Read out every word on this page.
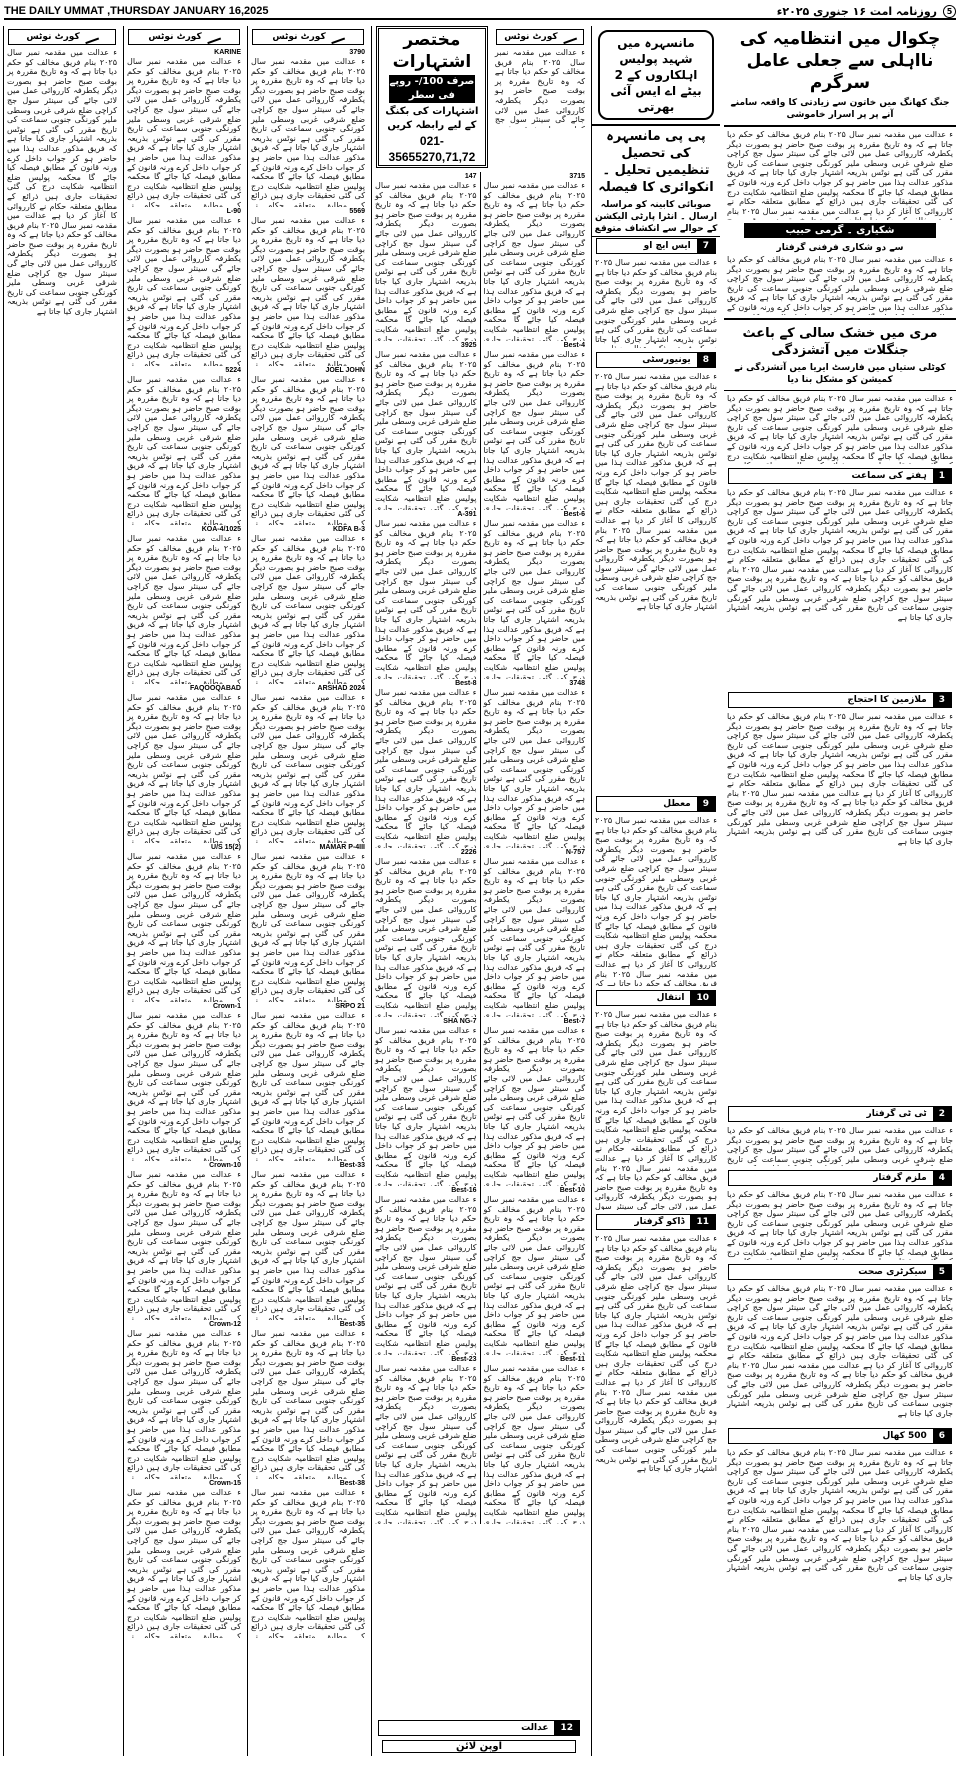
THE DAILY UMMAT ,THURSDAY JANUARY 16,2025	5
روزنامہ امت ۱۶ جنوری ۲۰۲۵ء
چکوال میں انتظامیہ کی نااہلی سے جعلی عامل سرگرم
جنگ کھانگ میں خاتون سے زیادتی کا واقعہ سامنے آنے پر پر اسرار خاموشی
ء عدالت میں مقدمہ نمبر سال ۲۰۲۵ بنام فریق مخالف کو حکم دیا جاتا ہے کہ وہ تاریخ مقررہ پر بوقت صبح حاضر ہو بصورت دیگر یکطرفہ کارروائی عمل میں لائی جائے گی سینئر سول جج کراچی ضلع شرقی غربی وسطی ملیر کورنگی جنوبی سماعت کی تاریخ مقرر کی گئی ہے نوٹس بذریعہ اشتہار جاری کیا جاتا ہے کہ فریق مذکور عدالت ہذا میں حاضر ہو کر جواب داخل کرے ورنہ قانون کے مطابق فیصلہ کیا جائے گا محکمہ پولیس ضلع انتظامیہ شکایت درج کی گئی تحقیقات جاری ہیں ذرائع کے مطابق متعلقہ حکام نے کارروائی کا آغاز کر دیا ہے عدالت میں مقدمہ نمبر سال ۲۰۲۵ بنام فریق مخالف کو حکم دیا جاتا ہے کہ وہ تاریخ مقررہ پر بوقت صبح حاضر ہو بصورت دیگر یکطرفہ کارروائی عمل میں لائی جائے گی سینئر سول جج کراچی ضلع شرقی غربی وسطی ملیر کورنگی جنوبی سماعت کی تاریخ مقرر کی گئی ہے نوٹس بذریعہ اشتہار جاری کیا جاتا ہے
شکیاری ۔ گرمی حبیب
سے دو شکاری فرفنی گرفتار
ء عدالت میں مقدمہ نمبر سال ۲۰۲۵ بنام فریق مخالف کو حکم دیا جاتا ہے کہ وہ تاریخ مقررہ پر بوقت صبح حاضر ہو بصورت دیگر یکطرفہ کارروائی عمل میں لائی جائے گی سینئر سول جج کراچی ضلع شرقی غربی وسطی ملیر کورنگی جنوبی سماعت کی تاریخ مقرر کی گئی ہے نوٹس بذریعہ اشتہار جاری کیا جاتا ہے کہ فریق مذکور عدالت ہذا میں حاضر ہو کر جواب داخل کرے ورنہ قانون کے مطابق فیصلہ کیا جائے گا محکمہ پولیس ضلع انتظامیہ شکایت درج کی گئی تحقیقات جاری ہیں ذرائع کے مطابق متعلقہ حکام نے کارروائی کا آغاز کر دیا ہے عدالت میں مقدمہ نمبر سال ۲۰۲۵ بنام فریق مخالف کو حکم دیا جاتا ہے کہ وہ تاریخ مقررہ پر بوقت صبح حاضر ہو بصورت دیگر یکطرفہ کارروائی عمل میں لائی جائے گی سینئر سول جج کراچی ضلع شرقی غربی وسطی ملیر کورنگی جنوبی سماعت کی تاریخ مقرر کی گئی ہے نوٹس بذریعہ اشتہار جاری کیا جاتا ہے
مری میں خشک سالی کے باعث جنگلات میں آتشزدگی
کوٹلی ستیاں میں فارسٹ ایریا میں آتشزدگی نے کمیشن کو مشکل بنا دیا
ء عدالت میں مقدمہ نمبر سال ۲۰۲۵ بنام فریق مخالف کو حکم دیا جاتا ہے کہ وہ تاریخ مقررہ پر بوقت صبح حاضر ہو بصورت دیگر یکطرفہ کارروائی عمل میں لائی جائے گی سینئر سول جج کراچی ضلع شرقی غربی وسطی ملیر کورنگی جنوبی سماعت کی تاریخ مقرر کی گئی ہے نوٹس بذریعہ اشتہار جاری کیا جاتا ہے کہ فریق مذکور عدالت ہذا میں حاضر ہو کر جواب داخل کرے ورنہ قانون کے مطابق فیصلہ کیا جائے گا محکمہ پولیس ضلع انتظامیہ شکایت درج کی گئی تحقیقات جاری ہیں ذرائع کے مطابق متعلقہ حکام نے کارروائی کا آغاز کر دیا ہے عدالت میں مقدمہ نمبر سال ۲۰۲۵ بنام فریق مخالف کو حکم دیا جاتا ہے کہ وہ تاریخ مقررہ پر بوقت صبح حاضر ہو بصورت دیگر یکطرفہ کارروائی عمل میں لائی جائے گی سینئر سول جج کراچی ضلع شرقی غربی وسطی ملیر کورنگی جنوبی سماعت کی تاریخ مقرر کی گئی ہے نوٹس بذریعہ اشتہار جاری کیا جاتا ہے
1
ہفتے کی سماعت
ء عدالت میں مقدمہ نمبر سال ۲۰۲۵ بنام فریق مخالف کو حکم دیا جاتا ہے کہ وہ تاریخ مقررہ پر بوقت صبح حاضر ہو بصورت دیگر یکطرفہ کارروائی عمل میں لائی جائے گی سینئر سول جج کراچی ضلع شرقی غربی وسطی ملیر کورنگی جنوبی سماعت کی تاریخ مقرر کی گئی ہے نوٹس بذریعہ اشتہار جاری کیا جاتا ہے کہ فریق مذکور عدالت ہذا میں حاضر ہو کر جواب داخل کرے ورنہ قانون کے مطابق فیصلہ کیا جائے گا محکمہ پولیس ضلع انتظامیہ شکایت درج کی گئی تحقیقات جاری ہیں ذرائع کے مطابق متعلقہ حکام نے کارروائی کا آغاز کر دیا ہے عدالت میں مقدمہ نمبر سال ۲۰۲۵ بنام فریق مخالف کو حکم دیا جاتا ہے کہ وہ تاریخ مقررہ پر بوقت صبح حاضر ہو بصورت دیگر یکطرفہ کارروائی عمل میں لائی جائے گی سینئر سول جج کراچی ضلع شرقی غربی وسطی ملیر کورنگی جنوبی سماعت کی تاریخ مقرر کی گئی ہے نوٹس بذریعہ اشتہار جاری کیا جاتا ہے
3
ملازمین کا احتجاج
ء عدالت میں مقدمہ نمبر سال ۲۰۲۵ بنام فریق مخالف کو حکم دیا جاتا ہے کہ وہ تاریخ مقررہ پر بوقت صبح حاضر ہو بصورت دیگر یکطرفہ کارروائی عمل میں لائی جائے گی سینئر سول جج کراچی ضلع شرقی غربی وسطی ملیر کورنگی جنوبی سماعت کی تاریخ مقرر کی گئی ہے نوٹس بذریعہ اشتہار جاری کیا جاتا ہے کہ فریق مذکور عدالت ہذا میں حاضر ہو کر جواب داخل کرے ورنہ قانون کے مطابق فیصلہ کیا جائے گا محکمہ پولیس ضلع انتظامیہ شکایت درج کی گئی تحقیقات جاری ہیں ذرائع کے مطابق متعلقہ حکام نے کارروائی کا آغاز کر دیا ہے عدالت میں مقدمہ نمبر سال ۲۰۲۵ بنام فریق مخالف کو حکم دیا جاتا ہے کہ وہ تاریخ مقررہ پر بوقت صبح حاضر ہو بصورت دیگر یکطرفہ کارروائی عمل میں لائی جائے گی سینئر سول جج کراچی ضلع شرقی غربی وسطی ملیر کورنگی جنوبی سماعت کی تاریخ مقرر کی گئی ہے نوٹس بذریعہ اشتہار جاری کیا جاتا ہے
2
ٹی ٹی گرفتار
ء عدالت میں مقدمہ نمبر سال ۲۰۲۵ بنام فریق مخالف کو حکم دیا جاتا ہے کہ وہ تاریخ مقررہ پر بوقت صبح حاضر ہو بصورت دیگر یکطرفہ کارروائی عمل میں لائی جائے گی سینئر سول جج کراچی ضلع شرقی غربی وسطی ملیر کورنگی جنوبی سماعت کی تاریخ مقرر کی گئی ہے نوٹس بذریعہ اشتہار جاری کیا جاتا ہے کہ فریق مذکور عدالت ہذا میں حاضر ہو کر جواب داخل کرے ورنہ قانون کے مطابق فیصلہ کیا جائے گا محکمہ پولیس ضلع انتظامیہ شکایت درج کی گئی تحقیقات جاری ہیں ذرائع کے مطابق متعلقہ حکام نے کارروائی کا آغاز کر دیا ہے عدالت میں مقدمہ نمبر سال ۲۰۲۵ بنام فریق مخالف کو حکم دیا جاتا ہے کہ وہ تاریخ مقررہ پر بوقت صبح حاضر ہو بصورت دیگر یکطرفہ کارروائی عمل میں لائی جائے گی سینئر سول جج کراچی ضلع شرقی غربی وسطی ملیر کورنگی جنوبی سماعت کی تاریخ مقرر کی گئی ہے نوٹس بذریعہ اشتہار جاری کیا جاتا ہے
4
ملزم گرفتار
ء عدالت میں مقدمہ نمبر سال ۲۰۲۵ بنام فریق مخالف کو حکم دیا جاتا ہے کہ وہ تاریخ مقررہ پر بوقت صبح حاضر ہو بصورت دیگر یکطرفہ کارروائی عمل میں لائی جائے گی سینئر سول جج کراچی ضلع شرقی غربی وسطی ملیر کورنگی جنوبی سماعت کی تاریخ مقرر کی گئی ہے نوٹس بذریعہ اشتہار جاری کیا جاتا ہے کہ فریق مذکور عدالت ہذا میں حاضر ہو کر جواب داخل کرے ورنہ قانون کے مطابق فیصلہ کیا جائے گا محکمہ پولیس ضلع انتظامیہ شکایت درج کی گئی تحقیقات جاری ہیں ذرائع کے مطابق متعلقہ حکام نے کارروائی کا آغاز کر دیا ہے عدالت میں مقدمہ نمبر سال ۲۰۲۵ بنام فریق مخالف کو حکم دیا جاتا ہے کہ وہ تاریخ مقررہ پر بوقت صبح حاضر ہو بصورت دیگر یکطرفہ کارروائی عمل میں لائی جائے گی سینئر سول جج کراچی ضلع شرقی غربی وسطی ملیر کورنگی جنوبی سماعت کی تاریخ مقرر کی گئی ہے نوٹس بذریعہ اشتہار جاری کیا جاتا ہے
5
سیکرٹری صحت
ء عدالت میں مقدمہ نمبر سال ۲۰۲۵ بنام فریق مخالف کو حکم دیا جاتا ہے کہ وہ تاریخ مقررہ پر بوقت صبح حاضر ہو بصورت دیگر یکطرفہ کارروائی عمل میں لائی جائے گی سینئر سول جج کراچی ضلع شرقی غربی وسطی ملیر کورنگی جنوبی سماعت کی تاریخ مقرر کی گئی ہے نوٹس بذریعہ اشتہار جاری کیا جاتا ہے کہ فریق مذکور عدالت ہذا میں حاضر ہو کر جواب داخل کرے ورنہ قانون کے مطابق فیصلہ کیا جائے گا محکمہ پولیس ضلع انتظامیہ شکایت درج کی گئی تحقیقات جاری ہیں ذرائع کے مطابق متعلقہ حکام نے کارروائی کا آغاز کر دیا ہے عدالت میں مقدمہ نمبر سال ۲۰۲۵ بنام فریق مخالف کو حکم دیا جاتا ہے کہ وہ تاریخ مقررہ پر بوقت صبح حاضر ہو بصورت دیگر یکطرفہ کارروائی عمل میں لائی جائے گی سینئر سول جج کراچی ضلع شرقی غربی وسطی ملیر کورنگی جنوبی سماعت کی تاریخ مقرر کی گئی ہے نوٹس بذریعہ اشتہار جاری کیا جاتا ہے
6
500 کھال
ء عدالت میں مقدمہ نمبر سال ۲۰۲۵ بنام فریق مخالف کو حکم دیا جاتا ہے کہ وہ تاریخ مقررہ پر بوقت صبح حاضر ہو بصورت دیگر یکطرفہ کارروائی عمل میں لائی جائے گی سینئر سول جج کراچی ضلع شرقی غربی وسطی ملیر کورنگی جنوبی سماعت کی تاریخ مقرر کی گئی ہے نوٹس بذریعہ اشتہار جاری کیا جاتا ہے کہ فریق مذکور عدالت ہذا میں حاضر ہو کر جواب داخل کرے ورنہ قانون کے مطابق فیصلہ کیا جائے گا محکمہ پولیس ضلع انتظامیہ شکایت درج کی گئی تحقیقات جاری ہیں ذرائع کے مطابق متعلقہ حکام نے کارروائی کا آغاز کر دیا ہے عدالت میں مقدمہ نمبر سال ۲۰۲۵ بنام فریق مخالف کو حکم دیا جاتا ہے کہ وہ تاریخ مقررہ پر بوقت صبح حاضر ہو بصورت دیگر یکطرفہ کارروائی عمل میں لائی جائے گی سینئر سول جج کراچی ضلع شرقی غربی وسطی ملیر کورنگی جنوبی سماعت کی تاریخ مقرر کی گئی ہے نوٹس بذریعہ اشتہار جاری کیا جاتا ہے
مانسہرہ میں شہید پولیس اہلکاروں کے 2 بیٹے اے ایس آئی بھرتی
ء عدالت میں مقدمہ نمبر سال ۲۰۲۵ بنام فریق مخالف کو حکم دیا جاتا ہے کہ وہ تاریخ مقررہ پر بوقت صبح حاضر ہو بصورت دیگر یکطرفہ کارروائی عمل میں لائی جائے گی سینئر سول جج کراچی ضلع شرقی غربی وسطی ملیر کورنگی جنوبی سماعت کی تاریخ مقرر کی گئی ہے نوٹس بذریعہ اشتہار جاری کیا جاتا ہے کہ فریق مذکور عدالت ہذا میں حاضر ہو کر جواب داخل کرے ورنہ قانون کے مطابق فیصلہ کیا جائے گا محکمہ پولیس ضلع انتظامیہ شکایت درج کی گئی تحقیقات جاری ہیں ذرائع کے مطابق متعلقہ حکام نے کارروائی کا آغاز کر دیا ہے عدالت میں مقدمہ نمبر سال ۲۰۲۵ بنام فریق مخالف کو حکم دیا جاتا ہے کہ وہ تاریخ مقررہ پر بوقت صبح حاضر ہو بصورت دیگر یکطرفہ کارروائی عمل میں لائی جائے گی سینئر سول جج کراچی ضلع شرقی غربی وسطی ملیر کورنگی جنوبی سماعت کی تاریخ مقرر کی گئی ہے نوٹس بذریعہ اشتہار جاری کیا جاتا ہے
7
ایس ایچ او
ء عدالت میں مقدمہ نمبر سال ۲۰۲۵ بنام فریق مخالف کو حکم دیا جاتا ہے کہ وہ تاریخ مقررہ پر بوقت صبح حاضر ہو بصورت دیگر یکطرفہ کارروائی عمل میں لائی جائے گی سینئر سول جج کراچی ضلع شرقی غربی وسطی ملیر کورنگی جنوبی سماعت کی تاریخ مقرر کی گئی ہے نوٹس بذریعہ اشتہار جاری کیا جاتا ہے کہ فریق مذکور عدالت ہذا میں حاضر ہو کر جواب داخل کرے ورنہ قانون کے مطابق فیصلہ کیا جائے گا محکمہ پولیس ضلع انتظامیہ شکایت درج کی گئی تحقیقات جاری ہیں ذرائع کے مطابق متعلقہ حکام نے کارروائی کا آغاز کر دیا ہے عدالت میں مقدمہ نمبر سال ۲۰۲۵ بنام فریق مخالف کو حکم دیا جاتا ہے کہ وہ تاریخ مقررہ پر بوقت صبح حاضر ہو بصورت دیگر یکطرفہ کارروائی عمل میں لائی جائے گی سینئر سول جج کراچی ضلع شرقی غربی وسطی ملیر کورنگی جنوبی سماعت کی تاریخ مقرر کی گئی ہے نوٹس بذریعہ اشتہار جاری کیا جاتا ہے
8
یونیورسٹی
ء عدالت میں مقدمہ نمبر سال ۲۰۲۵ بنام فریق مخالف کو حکم دیا جاتا ہے کہ وہ تاریخ مقررہ پر بوقت صبح حاضر ہو بصورت دیگر یکطرفہ کارروائی عمل میں لائی جائے گی سینئر سول جج کراچی ضلع شرقی غربی وسطی ملیر کورنگی جنوبی سماعت کی تاریخ مقرر کی گئی ہے نوٹس بذریعہ اشتہار جاری کیا جاتا ہے کہ فریق مذکور عدالت ہذا میں حاضر ہو کر جواب داخل کرے ورنہ قانون کے مطابق فیصلہ کیا جائے گا محکمہ پولیس ضلع انتظامیہ شکایت درج کی گئی تحقیقات جاری ہیں ذرائع کے مطابق متعلقہ حکام نے کارروائی کا آغاز کر دیا ہے عدالت میں مقدمہ نمبر سال ۲۰۲۵ بنام فریق مخالف کو حکم دیا جاتا ہے کہ وہ تاریخ مقررہ پر بوقت صبح حاضر ہو بصورت دیگر یکطرفہ کارروائی عمل میں لائی جائے گی سینئر سول جج کراچی ضلع شرقی غربی وسطی ملیر کورنگی جنوبی سماعت کی تاریخ مقرر کی گئی ہے نوٹس بذریعہ اشتہار جاری کیا جاتا ہے
9
معطل
ء عدالت میں مقدمہ نمبر سال ۲۰۲۵ بنام فریق مخالف کو حکم دیا جاتا ہے کہ وہ تاریخ مقررہ پر بوقت صبح حاضر ہو بصورت دیگر یکطرفہ کارروائی عمل میں لائی جائے گی سینئر سول جج کراچی ضلع شرقی غربی وسطی ملیر کورنگی جنوبی سماعت کی تاریخ مقرر کی گئی ہے نوٹس بذریعہ اشتہار جاری کیا جاتا ہے کہ فریق مذکور عدالت ہذا میں حاضر ہو کر جواب داخل کرے ورنہ قانون کے مطابق فیصلہ کیا جائے گا محکمہ پولیس ضلع انتظامیہ شکایت درج کی گئی تحقیقات جاری ہیں ذرائع کے مطابق متعلقہ حکام نے کارروائی کا آغاز کر دیا ہے عدالت میں مقدمہ نمبر سال ۲۰۲۵ بنام فریق مخالف کو حکم دیا جاتا ہے کہ وہ تاریخ مقررہ پر بوقت صبح حاضر ہو بصورت دیگر یکطرفہ کارروائی عمل میں لائی جائے گی سینئر سول جج کراچی ضلع شرقی غربی وسطی ملیر کورنگی جنوبی سماعت کی تاریخ مقرر کی گئی ہے نوٹس بذریعہ اشتہار جاری کیا جاتا ہے
10
انتقال
ء عدالت میں مقدمہ نمبر سال ۲۰۲۵ بنام فریق مخالف کو حکم دیا جاتا ہے کہ وہ تاریخ مقررہ پر بوقت صبح حاضر ہو بصورت دیگر یکطرفہ کارروائی عمل میں لائی جائے گی سینئر سول جج کراچی ضلع شرقی غربی وسطی ملیر کورنگی جنوبی سماعت کی تاریخ مقرر کی گئی ہے نوٹس بذریعہ اشتہار جاری کیا جاتا ہے کہ فریق مذکور عدالت ہذا میں حاضر ہو کر جواب داخل کرے ورنہ قانون کے مطابق فیصلہ کیا جائے گا محکمہ پولیس ضلع انتظامیہ شکایت درج کی گئی تحقیقات جاری ہیں ذرائع کے مطابق متعلقہ حکام نے کارروائی کا آغاز کر دیا ہے عدالت میں مقدمہ نمبر سال ۲۰۲۵ بنام فریق مخالف کو حکم دیا جاتا ہے کہ وہ تاریخ مقررہ پر بوقت صبح حاضر ہو بصورت دیگر یکطرفہ کارروائی عمل میں لائی جائے گی سینئر سول جج کراچی ضلع شرقی غربی وسطی ملیر کورنگی جنوبی سماعت کی تاریخ مقرر کی گئی ہے نوٹس بذریعہ اشتہار جاری کیا جاتا ہے
11
ڈاکو گرفتار
ء عدالت میں مقدمہ نمبر سال ۲۰۲۵ بنام فریق مخالف کو حکم دیا جاتا ہے کہ وہ تاریخ مقررہ پر بوقت صبح حاضر ہو بصورت دیگر یکطرفہ کارروائی عمل میں لائی جائے گی سینئر سول جج کراچی ضلع شرقی غربی وسطی ملیر کورنگی جنوبی سماعت کی تاریخ مقرر کی گئی ہے نوٹس بذریعہ اشتہار جاری کیا جاتا ہے کہ فریق مذکور عدالت ہذا میں حاضر ہو کر جواب داخل کرے ورنہ قانون کے مطابق فیصلہ کیا جائے گا محکمہ پولیس ضلع انتظامیہ شکایت درج کی گئی تحقیقات جاری ہیں ذرائع کے مطابق متعلقہ حکام نے کارروائی کا آغاز کر دیا ہے عدالت میں مقدمہ نمبر سال ۲۰۲۵ بنام فریق مخالف کو حکم دیا جاتا ہے کہ وہ تاریخ مقررہ پر بوقت صبح حاضر ہو بصورت دیگر یکطرفہ کارروائی عمل میں لائی جائے گی سینئر سول جج کراچی ضلع شرقی غربی وسطی ملیر کورنگی جنوبی سماعت کی تاریخ مقرر کی گئی ہے نوٹس بذریعہ اشتہار جاری کیا جاتا ہے
کورٹ نوٹس
ء عدالت میں مقدمہ نمبر سال ۲۰۲۵ بنام فریق مخالف کو حکم دیا جاتا ہے کہ وہ تاریخ مقررہ پر بوقت صبح حاضر ہو بصورت دیگر یکطرفہ کارروائی عمل میں لائی جائے گی سینئر سول جج کراچی ضلع شرقی غربی وسطی ملیر کورنگی جنوبی سماعت کی تاریخ مقرر کی گئی ہے نوٹس بذریعہ اشتہار جاری کیا جاتا ہے کہ فریق مذکور عدالت ہذا میں حاضر ہو کر جواب داخل کرے ورنہ قانون کے مطابق فیصلہ کیا جائے گا محکمہ پولیس ضلع انتظامیہ شکایت درج کی گئی تحقیقات جاری ہیں ذرائع کے مطابق متعلقہ حکام نے کارروائی کا آغاز کر دیا ہے عدالت میں مقدمہ نمبر سال ۲۰۲۵ بنام فریق مخالف کو حکم دیا جاتا ہے کہ وہ تاریخ مقررہ پر بوقت صبح حاضر ہو بصورت دیگر یکطرفہ کارروائی عمل میں لائی جائے گی سینئر سول جج کراچی ضلع شرقی غربی وسطی ملیر کورنگی جنوبی سماعت کی تاریخ مقرر کی گئی ہے نوٹس بذریعہ اشتہار جاری کیا جاتا ہے
مختصر اشتہارات
صرف 100/- روپے فی سطر
اشتہارات کی بکنگ کے لیے رابطہ کریں
021-35655270,71,72
3715
ء عدالت میں مقدمہ نمبر سال ۲۰۲۵ بنام فریق مخالف کو حکم دیا جاتا ہے کہ وہ تاریخ مقررہ پر بوقت صبح حاضر ہو بصورت دیگر یکطرفہ کارروائی عمل میں لائی جائے گی سینئر سول جج کراچی ضلع شرقی غربی وسطی ملیر کورنگی جنوبی سماعت کی تاریخ مقرر کی گئی ہے نوٹس بذریعہ اشتہار جاری کیا جاتا ہے کہ فریق مذکور عدالت ہذا میں حاضر ہو کر جواب داخل کرے ورنہ قانون کے مطابق فیصلہ کیا جائے گا محکمہ پولیس ضلع انتظامیہ شکایت درج کی گئی تحقیقات جاری ہیں ذرائع کے مطابق متعلقہ حکام نے کارروائی کا آغاز کر دیا ہے عدالت میں مقدمہ نمبر سال ۲۰۲۵ بنام فریق مخالف کو حکم دیا جاتا ہے کہ وہ تاریخ مقررہ پر بوقت صبح حاضر ہو بصورت دیگر یکطرفہ کارروائی عمل میں لائی جائے گی سینئر سول جج کراچی ضلع شرقی غربی وسطی ملیر کورنگی جنوبی سماعت کی تاریخ مقرر کی گئی ہے نوٹس بذریعہ اشتہار جاری کیا جاتا ہے
Best-4
ء عدالت میں مقدمہ نمبر سال ۲۰۲۵ بنام فریق مخالف کو حکم دیا جاتا ہے کہ وہ تاریخ مقررہ پر بوقت صبح حاضر ہو بصورت دیگر یکطرفہ کارروائی عمل میں لائی جائے گی سینئر سول جج کراچی ضلع شرقی غربی وسطی ملیر کورنگی جنوبی سماعت کی تاریخ مقرر کی گئی ہے نوٹس بذریعہ اشتہار جاری کیا جاتا ہے کہ فریق مذکور عدالت ہذا میں حاضر ہو کر جواب داخل کرے ورنہ قانون کے مطابق فیصلہ کیا جائے گا محکمہ پولیس ضلع انتظامیہ شکایت درج کی گئی تحقیقات جاری ہیں ذرائع کے مطابق متعلقہ حکام نے کارروائی کا آغاز کر دیا ہے عدالت میں مقدمہ نمبر سال ۲۰۲۵ بنام فریق مخالف کو حکم دیا جاتا ہے کہ وہ تاریخ مقررہ پر بوقت صبح حاضر ہو بصورت دیگر یکطرفہ کارروائی عمل میں لائی جائے گی سینئر سول جج کراچی ضلع شرقی غربی وسطی ملیر کورنگی جنوبی سماعت کی تاریخ مقرر کی گئی ہے نوٹس بذریعہ اشتہار جاری کیا جاتا ہے
Best-6
ء عدالت میں مقدمہ نمبر سال ۲۰۲۵ بنام فریق مخالف کو حکم دیا جاتا ہے کہ وہ تاریخ مقررہ پر بوقت صبح حاضر ہو بصورت دیگر یکطرفہ کارروائی عمل میں لائی جائے گی سینئر سول جج کراچی ضلع شرقی غربی وسطی ملیر کورنگی جنوبی سماعت کی تاریخ مقرر کی گئی ہے نوٹس بذریعہ اشتہار جاری کیا جاتا ہے کہ فریق مذکور عدالت ہذا میں حاضر ہو کر جواب داخل کرے ورنہ قانون کے مطابق فیصلہ کیا جائے گا محکمہ پولیس ضلع انتظامیہ شکایت درج کی گئی تحقیقات جاری ہیں ذرائع کے مطابق متعلقہ حکام نے کارروائی کا آغاز کر دیا ہے عدالت میں مقدمہ نمبر سال ۲۰۲۵ بنام فریق مخالف کو حکم دیا جاتا ہے کہ وہ تاریخ مقررہ پر بوقت صبح حاضر ہو بصورت دیگر یکطرفہ کارروائی عمل میں لائی جائے گی سینئر سول جج کراچی ضلع شرقی غربی وسطی ملیر کورنگی جنوبی سماعت کی تاریخ مقرر کی گئی ہے نوٹس بذریعہ اشتہار جاری کیا جاتا ہے
3748
ء عدالت میں مقدمہ نمبر سال ۲۰۲۵ بنام فریق مخالف کو حکم دیا جاتا ہے کہ وہ تاریخ مقررہ پر بوقت صبح حاضر ہو بصورت دیگر یکطرفہ کارروائی عمل میں لائی جائے گی سینئر سول جج کراچی ضلع شرقی غربی وسطی ملیر کورنگی جنوبی سماعت کی تاریخ مقرر کی گئی ہے نوٹس بذریعہ اشتہار جاری کیا جاتا ہے کہ فریق مذکور عدالت ہذا میں حاضر ہو کر جواب داخل کرے ورنہ قانون کے مطابق فیصلہ کیا جائے گا محکمہ پولیس ضلع انتظامیہ شکایت درج کی گئی تحقیقات جاری ہیں ذرائع کے مطابق متعلقہ حکام نے کارروائی کا آغاز کر دیا ہے عدالت میں مقدمہ نمبر سال ۲۰۲۵ بنام فریق مخالف کو حکم دیا جاتا ہے کہ وہ تاریخ مقررہ پر بوقت صبح حاضر ہو بصورت دیگر یکطرفہ کارروائی عمل میں لائی جائے گی سینئر سول جج کراچی ضلع شرقی غربی وسطی ملیر کورنگی جنوبی سماعت کی تاریخ مقرر کی گئی ہے نوٹس بذریعہ اشتہار جاری کیا جاتا ہے
N-757
ء عدالت میں مقدمہ نمبر سال ۲۰۲۵ بنام فریق مخالف کو حکم دیا جاتا ہے کہ وہ تاریخ مقررہ پر بوقت صبح حاضر ہو بصورت دیگر یکطرفہ کارروائی عمل میں لائی جائے گی سینئر سول جج کراچی ضلع شرقی غربی وسطی ملیر کورنگی جنوبی سماعت کی تاریخ مقرر کی گئی ہے نوٹس بذریعہ اشتہار جاری کیا جاتا ہے کہ فریق مذکور عدالت ہذا میں حاضر ہو کر جواب داخل کرے ورنہ قانون کے مطابق فیصلہ کیا جائے گا محکمہ پولیس ضلع انتظامیہ شکایت درج کی گئی تحقیقات جاری ہیں ذرائع کے مطابق متعلقہ حکام نے کارروائی کا آغاز کر دیا ہے عدالت میں مقدمہ نمبر سال ۲۰۲۵ بنام فریق مخالف کو حکم دیا جاتا ہے کہ وہ تاریخ مقررہ پر بوقت صبح حاضر ہو بصورت دیگر یکطرفہ کارروائی عمل میں لائی جائے گی سینئر سول جج کراچی ضلع شرقی غربی وسطی ملیر کورنگی جنوبی سماعت کی تاریخ مقرر کی گئی ہے نوٹس بذریعہ اشتہار جاری کیا جاتا ہے
Best-7
ء عدالت میں مقدمہ نمبر سال ۲۰۲۵ بنام فریق مخالف کو حکم دیا جاتا ہے کہ وہ تاریخ مقررہ پر بوقت صبح حاضر ہو بصورت دیگر یکطرفہ کارروائی عمل میں لائی جائے گی سینئر سول جج کراچی ضلع شرقی غربی وسطی ملیر کورنگی جنوبی سماعت کی تاریخ مقرر کی گئی ہے نوٹس بذریعہ اشتہار جاری کیا جاتا ہے کہ فریق مذکور عدالت ہذا میں حاضر ہو کر جواب داخل کرے ورنہ قانون کے مطابق فیصلہ کیا جائے گا محکمہ پولیس ضلع انتظامیہ شکایت درج کی گئی تحقیقات جاری ہیں ذرائع کے مطابق متعلقہ حکام نے کارروائی کا آغاز کر دیا ہے عدالت میں مقدمہ نمبر سال ۲۰۲۵ بنام فریق مخالف کو حکم دیا جاتا ہے کہ وہ تاریخ مقررہ پر بوقت صبح حاضر ہو بصورت دیگر یکطرفہ کارروائی عمل میں لائی جائے گی سینئر سول جج کراچی ضلع شرقی غربی وسطی ملیر کورنگی جنوبی سماعت کی تاریخ مقرر کی گئی ہے نوٹس بذریعہ اشتہار جاری کیا جاتا ہے
Best-10
ء عدالت میں مقدمہ نمبر سال ۲۰۲۵ بنام فریق مخالف کو حکم دیا جاتا ہے کہ وہ تاریخ مقررہ پر بوقت صبح حاضر ہو بصورت دیگر یکطرفہ کارروائی عمل میں لائی جائے گی سینئر سول جج کراچی ضلع شرقی غربی وسطی ملیر کورنگی جنوبی سماعت کی تاریخ مقرر کی گئی ہے نوٹس بذریعہ اشتہار جاری کیا جاتا ہے کہ فریق مذکور عدالت ہذا میں حاضر ہو کر جواب داخل کرے ورنہ قانون کے مطابق فیصلہ کیا جائے گا محکمہ پولیس ضلع انتظامیہ شکایت درج کی گئی تحقیقات جاری ہیں ذرائع کے مطابق متعلقہ حکام نے کارروائی کا آغاز کر دیا ہے عدالت میں مقدمہ نمبر سال ۲۰۲۵ بنام فریق مخالف کو حکم دیا جاتا ہے کہ وہ تاریخ مقررہ پر بوقت صبح حاضر ہو بصورت دیگر یکطرفہ کارروائی عمل میں لائی جائے گی سینئر سول جج کراچی ضلع شرقی غربی وسطی ملیر کورنگی جنوبی سماعت کی تاریخ مقرر کی گئی ہے نوٹس بذریعہ اشتہار جاری کیا جاتا ہے
Best-11
ء عدالت میں مقدمہ نمبر سال ۲۰۲۵ بنام فریق مخالف کو حکم دیا جاتا ہے کہ وہ تاریخ مقررہ پر بوقت صبح حاضر ہو بصورت دیگر یکطرفہ کارروائی عمل میں لائی جائے گی سینئر سول جج کراچی ضلع شرقی غربی وسطی ملیر کورنگی جنوبی سماعت کی تاریخ مقرر کی گئی ہے نوٹس بذریعہ اشتہار جاری کیا جاتا ہے کہ فریق مذکور عدالت ہذا میں حاضر ہو کر جواب داخل کرے ورنہ قانون کے مطابق فیصلہ کیا جائے گا محکمہ پولیس ضلع انتظامیہ شکایت درج کی گئی تحقیقات جاری ہیں ذرائع کے مطابق متعلقہ حکام نے کارروائی کا آغاز کر دیا ہے عدالت میں مقدمہ نمبر سال ۲۰۲۵ بنام فریق مخالف کو حکم دیا جاتا ہے کہ وہ تاریخ مقررہ پر بوقت صبح حاضر ہو بصورت دیگر یکطرفہ کارروائی عمل میں لائی جائے گی سینئر سول جج کراچی ضلع شرقی غربی وسطی ملیر کورنگی جنوبی سماعت کی تاریخ مقرر کی گئی ہے نوٹس بذریعہ اشتہار جاری کیا جاتا ہے
147
ء عدالت میں مقدمہ نمبر سال ۲۰۲۵ بنام فریق مخالف کو حکم دیا جاتا ہے کہ وہ تاریخ مقررہ پر بوقت صبح حاضر ہو بصورت دیگر یکطرفہ کارروائی عمل میں لائی جائے گی سینئر سول جج کراچی ضلع شرقی غربی وسطی ملیر کورنگی جنوبی سماعت کی تاریخ مقرر کی گئی ہے نوٹس بذریعہ اشتہار جاری کیا جاتا ہے کہ فریق مذکور عدالت ہذا میں حاضر ہو کر جواب داخل کرے ورنہ قانون کے مطابق فیصلہ کیا جائے گا محکمہ پولیس ضلع انتظامیہ شکایت درج کی گئی تحقیقات جاری ہیں ذرائع کے مطابق متعلقہ حکام نے کارروائی کا آغاز کر دیا ہے عدالت میں مقدمہ نمبر سال ۲۰۲۵ بنام فریق مخالف کو حکم دیا جاتا ہے کہ وہ تاریخ مقررہ پر بوقت صبح حاضر ہو بصورت دیگر یکطرفہ کارروائی عمل میں لائی جائے گی سینئر سول جج کراچی ضلع شرقی غربی وسطی ملیر کورنگی جنوبی سماعت کی تاریخ مقرر کی گئی ہے نوٹس بذریعہ اشتہار جاری کیا جاتا ہے
3925
ء عدالت میں مقدمہ نمبر سال ۲۰۲۵ بنام فریق مخالف کو حکم دیا جاتا ہے کہ وہ تاریخ مقررہ پر بوقت صبح حاضر ہو بصورت دیگر یکطرفہ کارروائی عمل میں لائی جائے گی سینئر سول جج کراچی ضلع شرقی غربی وسطی ملیر کورنگی جنوبی سماعت کی تاریخ مقرر کی گئی ہے نوٹس بذریعہ اشتہار جاری کیا جاتا ہے کہ فریق مذکور عدالت ہذا میں حاضر ہو کر جواب داخل کرے ورنہ قانون کے مطابق فیصلہ کیا جائے گا محکمہ پولیس ضلع انتظامیہ شکایت درج کی گئی تحقیقات جاری ہیں ذرائع کے مطابق متعلقہ حکام نے کارروائی کا آغاز کر دیا ہے عدالت میں مقدمہ نمبر سال ۲۰۲۵ بنام فریق مخالف کو حکم دیا جاتا ہے کہ وہ تاریخ مقررہ پر بوقت صبح حاضر ہو بصورت دیگر یکطرفہ کارروائی عمل میں لائی جائے گی سینئر سول جج کراچی ضلع شرقی غربی وسطی ملیر کورنگی جنوبی سماعت کی تاریخ مقرر کی گئی ہے نوٹس بذریعہ اشتہار جاری کیا جاتا ہے
A-391
ء عدالت میں مقدمہ نمبر سال ۲۰۲۵ بنام فریق مخالف کو حکم دیا جاتا ہے کہ وہ تاریخ مقررہ پر بوقت صبح حاضر ہو بصورت دیگر یکطرفہ کارروائی عمل میں لائی جائے گی سینئر سول جج کراچی ضلع شرقی غربی وسطی ملیر کورنگی جنوبی سماعت کی تاریخ مقرر کی گئی ہے نوٹس بذریعہ اشتہار جاری کیا جاتا ہے کہ فریق مذکور عدالت ہذا میں حاضر ہو کر جواب داخل کرے ورنہ قانون کے مطابق فیصلہ کیا جائے گا محکمہ پولیس ضلع انتظامیہ شکایت درج کی گئی تحقیقات جاری ہیں ذرائع کے مطابق متعلقہ حکام نے کارروائی کا آغاز کر دیا ہے عدالت میں مقدمہ نمبر سال ۲۰۲۵ بنام فریق مخالف کو حکم دیا جاتا ہے کہ وہ تاریخ مقررہ پر بوقت صبح حاضر ہو بصورت دیگر یکطرفہ کارروائی عمل میں لائی جائے گی سینئر سول جج کراچی ضلع شرقی غربی وسطی ملیر کورنگی جنوبی سماعت کی تاریخ مقرر کی گئی ہے نوٹس بذریعہ اشتہار جاری کیا جاتا ہے
Best-8
ء عدالت میں مقدمہ نمبر سال ۲۰۲۵ بنام فریق مخالف کو حکم دیا جاتا ہے کہ وہ تاریخ مقررہ پر بوقت صبح حاضر ہو بصورت دیگر یکطرفہ کارروائی عمل میں لائی جائے گی سینئر سول جج کراچی ضلع شرقی غربی وسطی ملیر کورنگی جنوبی سماعت کی تاریخ مقرر کی گئی ہے نوٹس بذریعہ اشتہار جاری کیا جاتا ہے کہ فریق مذکور عدالت ہذا میں حاضر ہو کر جواب داخل کرے ورنہ قانون کے مطابق فیصلہ کیا جائے گا محکمہ پولیس ضلع انتظامیہ شکایت درج کی گئی تحقیقات جاری ہیں ذرائع کے مطابق متعلقہ حکام نے کارروائی کا آغاز کر دیا ہے عدالت میں مقدمہ نمبر سال ۲۰۲۵ بنام فریق مخالف کو حکم دیا جاتا ہے کہ وہ تاریخ مقررہ پر بوقت صبح حاضر ہو بصورت دیگر یکطرفہ کارروائی عمل میں لائی جائے گی سینئر سول جج کراچی ضلع شرقی غربی وسطی ملیر کورنگی جنوبی سماعت کی تاریخ مقرر کی گئی ہے نوٹس بذریعہ اشتہار جاری کیا جاتا ہے
2226
ء عدالت میں مقدمہ نمبر سال ۲۰۲۵ بنام فریق مخالف کو حکم دیا جاتا ہے کہ وہ تاریخ مقررہ پر بوقت صبح حاضر ہو بصورت دیگر یکطرفہ کارروائی عمل میں لائی جائے گی سینئر سول جج کراچی ضلع شرقی غربی وسطی ملیر کورنگی جنوبی سماعت کی تاریخ مقرر کی گئی ہے نوٹس بذریعہ اشتہار جاری کیا جاتا ہے کہ فریق مذکور عدالت ہذا میں حاضر ہو کر جواب داخل کرے ورنہ قانون کے مطابق فیصلہ کیا جائے گا محکمہ پولیس ضلع انتظامیہ شکایت درج کی گئی تحقیقات جاری ہیں ذرائع کے مطابق متعلقہ حکام نے کارروائی کا آغاز کر دیا ہے عدالت میں مقدمہ نمبر سال ۲۰۲۵ بنام فریق مخالف کو حکم دیا جاتا ہے کہ وہ تاریخ مقررہ پر بوقت صبح حاضر ہو بصورت دیگر یکطرفہ کارروائی عمل میں لائی جائے گی سینئر سول جج کراچی ضلع شرقی غربی وسطی ملیر کورنگی جنوبی سماعت کی تاریخ مقرر کی گئی ہے نوٹس بذریعہ اشتہار جاری کیا جاتا ہے
SHA NG-7
ء عدالت میں مقدمہ نمبر سال ۲۰۲۵ بنام فریق مخالف کو حکم دیا جاتا ہے کہ وہ تاریخ مقررہ پر بوقت صبح حاضر ہو بصورت دیگر یکطرفہ کارروائی عمل میں لائی جائے گی سینئر سول جج کراچی ضلع شرقی غربی وسطی ملیر کورنگی جنوبی سماعت کی تاریخ مقرر کی گئی ہے نوٹس بذریعہ اشتہار جاری کیا جاتا ہے کہ فریق مذکور عدالت ہذا میں حاضر ہو کر جواب داخل کرے ورنہ قانون کے مطابق فیصلہ کیا جائے گا محکمہ پولیس ضلع انتظامیہ شکایت درج کی گئی تحقیقات جاری ہیں ذرائع کے مطابق متعلقہ حکام نے کارروائی کا آغاز کر دیا ہے عدالت میں مقدمہ نمبر سال ۲۰۲۵ بنام فریق مخالف کو حکم دیا جاتا ہے کہ وہ تاریخ مقررہ پر بوقت صبح حاضر ہو بصورت دیگر یکطرفہ کارروائی عمل میں لائی جائے گی سینئر سول جج کراچی ضلع شرقی غربی وسطی ملیر کورنگی جنوبی سماعت کی تاریخ مقرر کی گئی ہے نوٹس بذریعہ اشتہار جاری کیا جاتا ہے
Best-16
ء عدالت میں مقدمہ نمبر سال ۲۰۲۵ بنام فریق مخالف کو حکم دیا جاتا ہے کہ وہ تاریخ مقررہ پر بوقت صبح حاضر ہو بصورت دیگر یکطرفہ کارروائی عمل میں لائی جائے گی سینئر سول جج کراچی ضلع شرقی غربی وسطی ملیر کورنگی جنوبی سماعت کی تاریخ مقرر کی گئی ہے نوٹس بذریعہ اشتہار جاری کیا جاتا ہے کہ فریق مذکور عدالت ہذا میں حاضر ہو کر جواب داخل کرے ورنہ قانون کے مطابق فیصلہ کیا جائے گا محکمہ پولیس ضلع انتظامیہ شکایت درج کی گئی تحقیقات جاری ہیں ذرائع کے مطابق متعلقہ حکام نے کارروائی کا آغاز کر دیا ہے عدالت میں مقدمہ نمبر سال ۲۰۲۵ بنام فریق مخالف کو حکم دیا جاتا ہے کہ وہ تاریخ مقررہ پر بوقت صبح حاضر ہو بصورت دیگر یکطرفہ کارروائی عمل میں لائی جائے گی سینئر سول جج کراچی ضلع شرقی غربی وسطی ملیر کورنگی جنوبی سماعت کی تاریخ مقرر کی گئی ہے نوٹس بذریعہ اشتہار جاری کیا جاتا ہے
Best-23
ء عدالت میں مقدمہ نمبر سال ۲۰۲۵ بنام فریق مخالف کو حکم دیا جاتا ہے کہ وہ تاریخ مقررہ پر بوقت صبح حاضر ہو بصورت دیگر یکطرفہ کارروائی عمل میں لائی جائے گی سینئر سول جج کراچی ضلع شرقی غربی وسطی ملیر کورنگی جنوبی سماعت کی تاریخ مقرر کی گئی ہے نوٹس بذریعہ اشتہار جاری کیا جاتا ہے کہ فریق مذکور عدالت ہذا میں حاضر ہو کر جواب داخل کرے ورنہ قانون کے مطابق فیصلہ کیا جائے گا محکمہ پولیس ضلع انتظامیہ شکایت درج کی گئی تحقیقات جاری ہیں ذرائع کے مطابق متعلقہ حکام نے کارروائی کا آغاز کر دیا ہے عدالت میں مقدمہ نمبر سال ۲۰۲۵ بنام فریق مخالف کو حکم دیا جاتا ہے کہ وہ تاریخ مقررہ پر بوقت صبح حاضر ہو بصورت دیگر یکطرفہ کارروائی عمل میں لائی جائے گی سینئر سول جج کراچی ضلع شرقی غربی وسطی ملیر کورنگی جنوبی سماعت کی تاریخ مقرر کی گئی ہے نوٹس بذریعہ اشتہار جاری کیا جاتا ہے
کورٹ نوٹس
3790
ء عدالت میں مقدمہ نمبر سال ۲۰۲۵ بنام فریق مخالف کو حکم دیا جاتا ہے کہ وہ تاریخ مقررہ پر بوقت صبح حاضر ہو بصورت دیگر یکطرفہ کارروائی عمل میں لائی جائے گی سینئر سول جج کراچی ضلع شرقی غربی وسطی ملیر کورنگی جنوبی سماعت کی تاریخ مقرر کی گئی ہے نوٹس بذریعہ اشتہار جاری کیا جاتا ہے کہ فریق مذکور عدالت ہذا میں حاضر ہو کر جواب داخل کرے ورنہ قانون کے مطابق فیصلہ کیا جائے گا محکمہ پولیس ضلع انتظامیہ شکایت درج کی گئی تحقیقات جاری ہیں ذرائع کے مطابق متعلقہ حکام نے کارروائی کا آغاز کر دیا ہے عدالت میں مقدمہ نمبر سال ۲۰۲۵ بنام فریق مخالف کو حکم دیا جاتا ہے کہ وہ تاریخ مقررہ پر بوقت صبح حاضر ہو بصورت دیگر یکطرفہ کارروائی عمل میں لائی جائے گی سینئر سول جج کراچی ضلع شرقی غربی وسطی ملیر کورنگی جنوبی سماعت کی تاریخ مقرر کی گئی ہے نوٹس بذریعہ اشتہار جاری کیا جاتا ہے
5569
ء عدالت میں مقدمہ نمبر سال ۲۰۲۵ بنام فریق مخالف کو حکم دیا جاتا ہے کہ وہ تاریخ مقررہ پر بوقت صبح حاضر ہو بصورت دیگر یکطرفہ کارروائی عمل میں لائی جائے گی سینئر سول جج کراچی ضلع شرقی غربی وسطی ملیر کورنگی جنوبی سماعت کی تاریخ مقرر کی گئی ہے نوٹس بذریعہ اشتہار جاری کیا جاتا ہے کہ فریق مذکور عدالت ہذا میں حاضر ہو کر جواب داخل کرے ورنہ قانون کے مطابق فیصلہ کیا جائے گا محکمہ پولیس ضلع انتظامیہ شکایت درج کی گئی تحقیقات جاری ہیں ذرائع کے مطابق متعلقہ حکام نے کارروائی کا آغاز کر دیا ہے عدالت میں مقدمہ نمبر سال ۲۰۲۵ بنام فریق مخالف کو حکم دیا جاتا ہے کہ وہ تاریخ مقررہ پر بوقت صبح حاضر ہو بصورت دیگر یکطرفہ کارروائی عمل میں لائی جائے گی سینئر سول جج کراچی ضلع شرقی غربی وسطی ملیر کورنگی جنوبی سماعت کی تاریخ مقرر کی گئی ہے نوٹس بذریعہ اشتہار جاری کیا جاتا ہے
JOEL JOHN
ء عدالت میں مقدمہ نمبر سال ۲۰۲۵ بنام فریق مخالف کو حکم دیا جاتا ہے کہ وہ تاریخ مقررہ پر بوقت صبح حاضر ہو بصورت دیگر یکطرفہ کارروائی عمل میں لائی جائے گی سینئر سول جج کراچی ضلع شرقی غربی وسطی ملیر کورنگی جنوبی سماعت کی تاریخ مقرر کی گئی ہے نوٹس بذریعہ اشتہار جاری کیا جاتا ہے کہ فریق مذکور عدالت ہذا میں حاضر ہو کر جواب داخل کرے ورنہ قانون کے مطابق فیصلہ کیا جائے گا محکمہ پولیس ضلع انتظامیہ شکایت درج کی گئی تحقیقات جاری ہیں ذرائع کے مطابق متعلقہ حکام نے کارروائی کا آغاز کر دیا ہے عدالت میں مقدمہ نمبر سال ۲۰۲۵ بنام فریق مخالف کو حکم دیا جاتا ہے کہ وہ تاریخ مقررہ پر بوقت صبح حاضر ہو بصورت دیگر یکطرفہ کارروائی عمل میں لائی جائے گی سینئر سول جج کراچی ضلع شرقی غربی وسطی ملیر کورنگی جنوبی سماعت کی تاریخ مقرر کی گئی ہے نوٹس بذریعہ اشتہار جاری کیا جاتا ہے
KDFA B-3
ء عدالت میں مقدمہ نمبر سال ۲۰۲۵ بنام فریق مخالف کو حکم دیا جاتا ہے کہ وہ تاریخ مقررہ پر بوقت صبح حاضر ہو بصورت دیگر یکطرفہ کارروائی عمل میں لائی جائے گی سینئر سول جج کراچی ضلع شرقی غربی وسطی ملیر کورنگی جنوبی سماعت کی تاریخ مقرر کی گئی ہے نوٹس بذریعہ اشتہار جاری کیا جاتا ہے کہ فریق مذکور عدالت ہذا میں حاضر ہو کر جواب داخل کرے ورنہ قانون کے مطابق فیصلہ کیا جائے گا محکمہ پولیس ضلع انتظامیہ شکایت درج کی گئی تحقیقات جاری ہیں ذرائع کے مطابق متعلقہ حکام نے کارروائی کا آغاز کر دیا ہے عدالت میں مقدمہ نمبر سال ۲۰۲۵ بنام فریق مخالف کو حکم دیا جاتا ہے کہ وہ تاریخ مقررہ پر بوقت صبح حاضر ہو بصورت دیگر یکطرفہ کارروائی عمل میں لائی جائے گی سینئر سول جج کراچی ضلع شرقی غربی وسطی ملیر کورنگی جنوبی سماعت کی تاریخ مقرر کی گئی ہے نوٹس بذریعہ اشتہار جاری کیا جاتا ہے
ARSHAD 2024
ء عدالت میں مقدمہ نمبر سال ۲۰۲۵ بنام فریق مخالف کو حکم دیا جاتا ہے کہ وہ تاریخ مقررہ پر بوقت صبح حاضر ہو بصورت دیگر یکطرفہ کارروائی عمل میں لائی جائے گی سینئر سول جج کراچی ضلع شرقی غربی وسطی ملیر کورنگی جنوبی سماعت کی تاریخ مقرر کی گئی ہے نوٹس بذریعہ اشتہار جاری کیا جاتا ہے کہ فریق مذکور عدالت ہذا میں حاضر ہو کر جواب داخل کرے ورنہ قانون کے مطابق فیصلہ کیا جائے گا محکمہ پولیس ضلع انتظامیہ شکایت درج کی گئی تحقیقات جاری ہیں ذرائع کے مطابق متعلقہ حکام نے کارروائی کا آغاز کر دیا ہے عدالت میں مقدمہ نمبر سال ۲۰۲۵ بنام فریق مخالف کو حکم دیا جاتا ہے کہ وہ تاریخ مقررہ پر بوقت صبح حاضر ہو بصورت دیگر یکطرفہ کارروائی عمل میں لائی جائے گی سینئر سول جج کراچی ضلع شرقی غربی وسطی ملیر کورنگی جنوبی سماعت کی تاریخ مقرر کی گئی ہے نوٹس بذریعہ اشتہار جاری کیا جاتا ہے
MAMAR P-4III
ء عدالت میں مقدمہ نمبر سال ۲۰۲۵ بنام فریق مخالف کو حکم دیا جاتا ہے کہ وہ تاریخ مقررہ پر بوقت صبح حاضر ہو بصورت دیگر یکطرفہ کارروائی عمل میں لائی جائے گی سینئر سول جج کراچی ضلع شرقی غربی وسطی ملیر کورنگی جنوبی سماعت کی تاریخ مقرر کی گئی ہے نوٹس بذریعہ اشتہار جاری کیا جاتا ہے کہ فریق مذکور عدالت ہذا میں حاضر ہو کر جواب داخل کرے ورنہ قانون کے مطابق فیصلہ کیا جائے گا محکمہ پولیس ضلع انتظامیہ شکایت درج کی گئی تحقیقات جاری ہیں ذرائع کے مطابق متعلقہ حکام نے کارروائی کا آغاز کر دیا ہے عدالت میں مقدمہ نمبر سال ۲۰۲۵ بنام فریق مخالف کو حکم دیا جاتا ہے کہ وہ تاریخ مقررہ پر بوقت صبح حاضر ہو بصورت دیگر یکطرفہ کارروائی عمل میں لائی جائے گی سینئر سول جج کراچی ضلع شرقی غربی وسطی ملیر کورنگی جنوبی سماعت کی تاریخ مقرر کی گئی ہے نوٹس بذریعہ اشتہار جاری کیا جاتا ہے
SRPO 21
ء عدالت میں مقدمہ نمبر سال ۲۰۲۵ بنام فریق مخالف کو حکم دیا جاتا ہے کہ وہ تاریخ مقررہ پر بوقت صبح حاضر ہو بصورت دیگر یکطرفہ کارروائی عمل میں لائی جائے گی سینئر سول جج کراچی ضلع شرقی غربی وسطی ملیر کورنگی جنوبی سماعت کی تاریخ مقرر کی گئی ہے نوٹس بذریعہ اشتہار جاری کیا جاتا ہے کہ فریق مذکور عدالت ہذا میں حاضر ہو کر جواب داخل کرے ورنہ قانون کے مطابق فیصلہ کیا جائے گا محکمہ پولیس ضلع انتظامیہ شکایت درج کی گئی تحقیقات جاری ہیں ذرائع کے مطابق متعلقہ حکام نے کارروائی کا آغاز کر دیا ہے عدالت میں مقدمہ نمبر سال ۲۰۲۵ بنام فریق مخالف کو حکم دیا جاتا ہے کہ وہ تاریخ مقررہ پر بوقت صبح حاضر ہو بصورت دیگر یکطرفہ کارروائی عمل میں لائی جائے گی سینئر سول جج کراچی ضلع شرقی غربی وسطی ملیر کورنگی جنوبی سماعت کی تاریخ مقرر کی گئی ہے نوٹس بذریعہ اشتہار جاری کیا جاتا ہے
Best-33
ء عدالت میں مقدمہ نمبر سال ۲۰۲۵ بنام فریق مخالف کو حکم دیا جاتا ہے کہ وہ تاریخ مقررہ پر بوقت صبح حاضر ہو بصورت دیگر یکطرفہ کارروائی عمل میں لائی جائے گی سینئر سول جج کراچی ضلع شرقی غربی وسطی ملیر کورنگی جنوبی سماعت کی تاریخ مقرر کی گئی ہے نوٹس بذریعہ اشتہار جاری کیا جاتا ہے کہ فریق مذکور عدالت ہذا میں حاضر ہو کر جواب داخل کرے ورنہ قانون کے مطابق فیصلہ کیا جائے گا محکمہ پولیس ضلع انتظامیہ شکایت درج کی گئی تحقیقات جاری ہیں ذرائع کے مطابق متعلقہ حکام نے کارروائی کا آغاز کر دیا ہے عدالت میں مقدمہ نمبر سال ۲۰۲۵ بنام فریق مخالف کو حکم دیا جاتا ہے کہ وہ تاریخ مقررہ پر بوقت صبح حاضر ہو بصورت دیگر یکطرفہ کارروائی عمل میں لائی جائے گی سینئر سول جج کراچی ضلع شرقی غربی وسطی ملیر کورنگی جنوبی سماعت کی تاریخ مقرر کی گئی ہے نوٹس بذریعہ اشتہار جاری کیا جاتا ہے
Best-35
ء عدالت میں مقدمہ نمبر سال ۲۰۲۵ بنام فریق مخالف کو حکم دیا جاتا ہے کہ وہ تاریخ مقررہ پر بوقت صبح حاضر ہو بصورت دیگر یکطرفہ کارروائی عمل میں لائی جائے گی سینئر سول جج کراچی ضلع شرقی غربی وسطی ملیر کورنگی جنوبی سماعت کی تاریخ مقرر کی گئی ہے نوٹس بذریعہ اشتہار جاری کیا جاتا ہے کہ فریق مذکور عدالت ہذا میں حاضر ہو کر جواب داخل کرے ورنہ قانون کے مطابق فیصلہ کیا جائے گا محکمہ پولیس ضلع انتظامیہ شکایت درج کی گئی تحقیقات جاری ہیں ذرائع کے مطابق متعلقہ حکام نے کارروائی کا آغاز کر دیا ہے عدالت میں مقدمہ نمبر سال ۲۰۲۵ بنام فریق مخالف کو حکم دیا جاتا ہے کہ وہ تاریخ مقررہ پر بوقت صبح حاضر ہو بصورت دیگر یکطرفہ کارروائی عمل میں لائی جائے گی سینئر سول جج کراچی ضلع شرقی غربی وسطی ملیر کورنگی جنوبی سماعت کی تاریخ مقرر کی گئی ہے نوٹس بذریعہ اشتہار جاری کیا جاتا ہے
Best-38
ء عدالت میں مقدمہ نمبر سال ۲۰۲۵ بنام فریق مخالف کو حکم دیا جاتا ہے کہ وہ تاریخ مقررہ پر بوقت صبح حاضر ہو بصورت دیگر یکطرفہ کارروائی عمل میں لائی جائے گی سینئر سول جج کراچی ضلع شرقی غربی وسطی ملیر کورنگی جنوبی سماعت کی تاریخ مقرر کی گئی ہے نوٹس بذریعہ اشتہار جاری کیا جاتا ہے کہ فریق مذکور عدالت ہذا میں حاضر ہو کر جواب داخل کرے ورنہ قانون کے مطابق فیصلہ کیا جائے گا محکمہ پولیس ضلع انتظامیہ شکایت درج کی گئی تحقیقات جاری ہیں ذرائع کے مطابق متعلقہ حکام نے کارروائی کا آغاز کر دیا ہے عدالت میں مقدمہ نمبر سال ۲۰۲۵ بنام فریق مخالف کو حکم دیا جاتا ہے کہ وہ تاریخ مقررہ پر بوقت صبح حاضر ہو بصورت دیگر یکطرفہ کارروائی عمل میں لائی جائے گی سینئر سول جج کراچی ضلع شرقی غربی وسطی ملیر کورنگی جنوبی سماعت کی تاریخ مقرر کی گئی ہے نوٹس بذریعہ اشتہار جاری کیا جاتا ہے
کورٹ نوٹس
KARINE
ء عدالت میں مقدمہ نمبر سال ۲۰۲۵ بنام فریق مخالف کو حکم دیا جاتا ہے کہ وہ تاریخ مقررہ پر بوقت صبح حاضر ہو بصورت دیگر یکطرفہ کارروائی عمل میں لائی جائے گی سینئر سول جج کراچی ضلع شرقی غربی وسطی ملیر کورنگی جنوبی سماعت کی تاریخ مقرر کی گئی ہے نوٹس بذریعہ اشتہار جاری کیا جاتا ہے کہ فریق مذکور عدالت ہذا میں حاضر ہو کر جواب داخل کرے ورنہ قانون کے مطابق فیصلہ کیا جائے گا محکمہ پولیس ضلع انتظامیہ شکایت درج کی گئی تحقیقات جاری ہیں ذرائع کے مطابق متعلقہ حکام نے کارروائی کا آغاز کر دیا ہے عدالت میں مقدمہ نمبر سال ۲۰۲۵ بنام فریق مخالف کو حکم دیا جاتا ہے کہ وہ تاریخ مقررہ پر بوقت صبح حاضر ہو بصورت دیگر یکطرفہ کارروائی عمل میں لائی جائے گی سینئر سول جج کراچی ضلع شرقی غربی وسطی ملیر کورنگی جنوبی سماعت کی تاریخ مقرر کی گئی ہے نوٹس بذریعہ اشتہار جاری کیا جاتا ہے
L-90
ء عدالت میں مقدمہ نمبر سال ۲۰۲۵ بنام فریق مخالف کو حکم دیا جاتا ہے کہ وہ تاریخ مقررہ پر بوقت صبح حاضر ہو بصورت دیگر یکطرفہ کارروائی عمل میں لائی جائے گی سینئر سول جج کراچی ضلع شرقی غربی وسطی ملیر کورنگی جنوبی سماعت کی تاریخ مقرر کی گئی ہے نوٹس بذریعہ اشتہار جاری کیا جاتا ہے کہ فریق مذکور عدالت ہذا میں حاضر ہو کر جواب داخل کرے ورنہ قانون کے مطابق فیصلہ کیا جائے گا محکمہ پولیس ضلع انتظامیہ شکایت درج کی گئی تحقیقات جاری ہیں ذرائع کے مطابق متعلقہ حکام نے کارروائی کا آغاز کر دیا ہے عدالت میں مقدمہ نمبر سال ۲۰۲۵ بنام فریق مخالف کو حکم دیا جاتا ہے کہ وہ تاریخ مقررہ پر بوقت صبح حاضر ہو بصورت دیگر یکطرفہ کارروائی عمل میں لائی جائے گی سینئر سول جج کراچی ضلع شرقی غربی وسطی ملیر کورنگی جنوبی سماعت کی تاریخ مقرر کی گئی ہے نوٹس بذریعہ اشتہار جاری کیا جاتا ہے
5224
ء عدالت میں مقدمہ نمبر سال ۲۰۲۵ بنام فریق مخالف کو حکم دیا جاتا ہے کہ وہ تاریخ مقررہ پر بوقت صبح حاضر ہو بصورت دیگر یکطرفہ کارروائی عمل میں لائی جائے گی سینئر سول جج کراچی ضلع شرقی غربی وسطی ملیر کورنگی جنوبی سماعت کی تاریخ مقرر کی گئی ہے نوٹس بذریعہ اشتہار جاری کیا جاتا ہے کہ فریق مذکور عدالت ہذا میں حاضر ہو کر جواب داخل کرے ورنہ قانون کے مطابق فیصلہ کیا جائے گا محکمہ پولیس ضلع انتظامیہ شکایت درج کی گئی تحقیقات جاری ہیں ذرائع کے مطابق متعلقہ حکام نے کارروائی کا آغاز کر دیا ہے عدالت میں مقدمہ نمبر سال ۲۰۲۵ بنام فریق مخالف کو حکم دیا جاتا ہے کہ وہ تاریخ مقررہ پر بوقت صبح حاضر ہو بصورت دیگر یکطرفہ کارروائی عمل میں لائی جائے گی سینئر سول جج کراچی ضلع شرقی غربی وسطی ملیر کورنگی جنوبی سماعت کی تاریخ مقرر کی گئی ہے نوٹس بذریعہ اشتہار جاری کیا جاتا ہے
KOA-4/1025
ء عدالت میں مقدمہ نمبر سال ۲۰۲۵ بنام فریق مخالف کو حکم دیا جاتا ہے کہ وہ تاریخ مقررہ پر بوقت صبح حاضر ہو بصورت دیگر یکطرفہ کارروائی عمل میں لائی جائے گی سینئر سول جج کراچی ضلع شرقی غربی وسطی ملیر کورنگی جنوبی سماعت کی تاریخ مقرر کی گئی ہے نوٹس بذریعہ اشتہار جاری کیا جاتا ہے کہ فریق مذکور عدالت ہذا میں حاضر ہو کر جواب داخل کرے ورنہ قانون کے مطابق فیصلہ کیا جائے گا محکمہ پولیس ضلع انتظامیہ شکایت درج کی گئی تحقیقات جاری ہیں ذرائع کے مطابق متعلقہ حکام نے کارروائی کا آغاز کر دیا ہے عدالت میں مقدمہ نمبر سال ۲۰۲۵ بنام فریق مخالف کو حکم دیا جاتا ہے کہ وہ تاریخ مقررہ پر بوقت صبح حاضر ہو بصورت دیگر یکطرفہ کارروائی عمل میں لائی جائے گی سینئر سول جج کراچی ضلع شرقی غربی وسطی ملیر کورنگی جنوبی سماعت کی تاریخ مقرر کی گئی ہے نوٹس بذریعہ اشتہار جاری کیا جاتا ہے
FAQOOQABAD
ء عدالت میں مقدمہ نمبر سال ۲۰۲۵ بنام فریق مخالف کو حکم دیا جاتا ہے کہ وہ تاریخ مقررہ پر بوقت صبح حاضر ہو بصورت دیگر یکطرفہ کارروائی عمل میں لائی جائے گی سینئر سول جج کراچی ضلع شرقی غربی وسطی ملیر کورنگی جنوبی سماعت کی تاریخ مقرر کی گئی ہے نوٹس بذریعہ اشتہار جاری کیا جاتا ہے کہ فریق مذکور عدالت ہذا میں حاضر ہو کر جواب داخل کرے ورنہ قانون کے مطابق فیصلہ کیا جائے گا محکمہ پولیس ضلع انتظامیہ شکایت درج کی گئی تحقیقات جاری ہیں ذرائع کے مطابق متعلقہ حکام نے کارروائی کا آغاز کر دیا ہے عدالت میں مقدمہ نمبر سال ۲۰۲۵ بنام فریق مخالف کو حکم دیا جاتا ہے کہ وہ تاریخ مقررہ پر بوقت صبح حاضر ہو بصورت دیگر یکطرفہ کارروائی عمل میں لائی جائے گی سینئر سول جج کراچی ضلع شرقی غربی وسطی ملیر کورنگی جنوبی سماعت کی تاریخ مقرر کی گئی ہے نوٹس بذریعہ اشتہار جاری کیا جاتا ہے
U/S 15(2)
ء عدالت میں مقدمہ نمبر سال ۲۰۲۵ بنام فریق مخالف کو حکم دیا جاتا ہے کہ وہ تاریخ مقررہ پر بوقت صبح حاضر ہو بصورت دیگر یکطرفہ کارروائی عمل میں لائی جائے گی سینئر سول جج کراچی ضلع شرقی غربی وسطی ملیر کورنگی جنوبی سماعت کی تاریخ مقرر کی گئی ہے نوٹس بذریعہ اشتہار جاری کیا جاتا ہے کہ فریق مذکور عدالت ہذا میں حاضر ہو کر جواب داخل کرے ورنہ قانون کے مطابق فیصلہ کیا جائے گا محکمہ پولیس ضلع انتظامیہ شکایت درج کی گئی تحقیقات جاری ہیں ذرائع کے مطابق متعلقہ حکام نے کارروائی کا آغاز کر دیا ہے عدالت میں مقدمہ نمبر سال ۲۰۲۵ بنام فریق مخالف کو حکم دیا جاتا ہے کہ وہ تاریخ مقررہ پر بوقت صبح حاضر ہو بصورت دیگر یکطرفہ کارروائی عمل میں لائی جائے گی سینئر سول جج کراچی ضلع شرقی غربی وسطی ملیر کورنگی جنوبی سماعت کی تاریخ مقرر کی گئی ہے نوٹس بذریعہ اشتہار جاری کیا جاتا ہے
Crown-1
ء عدالت میں مقدمہ نمبر سال ۲۰۲۵ بنام فریق مخالف کو حکم دیا جاتا ہے کہ وہ تاریخ مقررہ پر بوقت صبح حاضر ہو بصورت دیگر یکطرفہ کارروائی عمل میں لائی جائے گی سینئر سول جج کراچی ضلع شرقی غربی وسطی ملیر کورنگی جنوبی سماعت کی تاریخ مقرر کی گئی ہے نوٹس بذریعہ اشتہار جاری کیا جاتا ہے کہ فریق مذکور عدالت ہذا میں حاضر ہو کر جواب داخل کرے ورنہ قانون کے مطابق فیصلہ کیا جائے گا محکمہ پولیس ضلع انتظامیہ شکایت درج کی گئی تحقیقات جاری ہیں ذرائع کے مطابق متعلقہ حکام نے کارروائی کا آغاز کر دیا ہے عدالت میں مقدمہ نمبر سال ۲۰۲۵ بنام فریق مخالف کو حکم دیا جاتا ہے کہ وہ تاریخ مقررہ پر بوقت صبح حاضر ہو بصورت دیگر یکطرفہ کارروائی عمل میں لائی جائے گی سینئر سول جج کراچی ضلع شرقی غربی وسطی ملیر کورنگی جنوبی سماعت کی تاریخ مقرر کی گئی ہے نوٹس بذریعہ اشتہار جاری کیا جاتا ہے
Crown-10
ء عدالت میں مقدمہ نمبر سال ۲۰۲۵ بنام فریق مخالف کو حکم دیا جاتا ہے کہ وہ تاریخ مقررہ پر بوقت صبح حاضر ہو بصورت دیگر یکطرفہ کارروائی عمل میں لائی جائے گی سینئر سول جج کراچی ضلع شرقی غربی وسطی ملیر کورنگی جنوبی سماعت کی تاریخ مقرر کی گئی ہے نوٹس بذریعہ اشتہار جاری کیا جاتا ہے کہ فریق مذکور عدالت ہذا میں حاضر ہو کر جواب داخل کرے ورنہ قانون کے مطابق فیصلہ کیا جائے گا محکمہ پولیس ضلع انتظامیہ شکایت درج کی گئی تحقیقات جاری ہیں ذرائع کے مطابق متعلقہ حکام نے کارروائی کا آغاز کر دیا ہے عدالت میں مقدمہ نمبر سال ۲۰۲۵ بنام فریق مخالف کو حکم دیا جاتا ہے کہ وہ تاریخ مقررہ پر بوقت صبح حاضر ہو بصورت دیگر یکطرفہ کارروائی عمل میں لائی جائے گی سینئر سول جج کراچی ضلع شرقی غربی وسطی ملیر کورنگی جنوبی سماعت کی تاریخ مقرر کی گئی ہے نوٹس بذریعہ اشتہار جاری کیا جاتا ہے
Crown-12
ء عدالت میں مقدمہ نمبر سال ۲۰۲۵ بنام فریق مخالف کو حکم دیا جاتا ہے کہ وہ تاریخ مقررہ پر بوقت صبح حاضر ہو بصورت دیگر یکطرفہ کارروائی عمل میں لائی جائے گی سینئر سول جج کراچی ضلع شرقی غربی وسطی ملیر کورنگی جنوبی سماعت کی تاریخ مقرر کی گئی ہے نوٹس بذریعہ اشتہار جاری کیا جاتا ہے کہ فریق مذکور عدالت ہذا میں حاضر ہو کر جواب داخل کرے ورنہ قانون کے مطابق فیصلہ کیا جائے گا محکمہ پولیس ضلع انتظامیہ شکایت درج کی گئی تحقیقات جاری ہیں ذرائع کے مطابق متعلقہ حکام نے کارروائی کا آغاز کر دیا ہے عدالت میں مقدمہ نمبر سال ۲۰۲۵ بنام فریق مخالف کو حکم دیا جاتا ہے کہ وہ تاریخ مقررہ پر بوقت صبح حاضر ہو بصورت دیگر یکطرفہ کارروائی عمل میں لائی جائے گی سینئر سول جج کراچی ضلع شرقی غربی وسطی ملیر کورنگی جنوبی سماعت کی تاریخ مقرر کی گئی ہے نوٹس بذریعہ اشتہار جاری کیا جاتا ہے
Crown-15
ء عدالت میں مقدمہ نمبر سال ۲۰۲۵ بنام فریق مخالف کو حکم دیا جاتا ہے کہ وہ تاریخ مقررہ پر بوقت صبح حاضر ہو بصورت دیگر یکطرفہ کارروائی عمل میں لائی جائے گی سینئر سول جج کراچی ضلع شرقی غربی وسطی ملیر کورنگی جنوبی سماعت کی تاریخ مقرر کی گئی ہے نوٹس بذریعہ اشتہار جاری کیا جاتا ہے کہ فریق مذکور عدالت ہذا میں حاضر ہو کر جواب داخل کرے ورنہ قانون کے مطابق فیصلہ کیا جائے گا محکمہ پولیس ضلع انتظامیہ شکایت درج کی گئی تحقیقات جاری ہیں ذرائع کے مطابق متعلقہ حکام نے کارروائی کا آغاز کر دیا ہے عدالت میں مقدمہ نمبر سال ۲۰۲۵ بنام فریق مخالف کو حکم دیا جاتا ہے کہ وہ تاریخ مقررہ پر بوقت صبح حاضر ہو بصورت دیگر یکطرفہ کارروائی عمل میں لائی جائے گی سینئر سول جج کراچی ضلع شرقی غربی وسطی ملیر کورنگی جنوبی سماعت کی تاریخ مقرر کی گئی ہے نوٹس بذریعہ اشتہار جاری کیا جاتا ہے
کورٹ نوٹس
ء عدالت میں مقدمہ نمبر سال ۲۰۲۵ بنام فریق مخالف کو حکم دیا جاتا ہے کہ وہ تاریخ مقررہ پر بوقت صبح حاضر ہو بصورت دیگر یکطرفہ کارروائی عمل میں لائی جائے گی سینئر سول جج کراچی ضلع شرقی غربی وسطی ملیر کورنگی جنوبی سماعت کی تاریخ مقرر کی گئی ہے نوٹس بذریعہ اشتہار جاری کیا جاتا ہے کہ فریق مذکور عدالت ہذا میں حاضر ہو کر جواب داخل کرے ورنہ قانون کے مطابق فیصلہ کیا جائے گا محکمہ پولیس ضلع انتظامیہ شکایت درج کی گئی تحقیقات جاری ہیں ذرائع کے مطابق متعلقہ حکام نے کارروائی کا آغاز کر دیا ہے عدالت میں مقدمہ نمبر سال ۲۰۲۵ بنام فریق مخالف کو حکم دیا جاتا ہے کہ وہ تاریخ مقررہ پر بوقت صبح حاضر ہو بصورت دیگر یکطرفہ کارروائی عمل میں لائی جائے گی سینئر سول جج کراچی ضلع شرقی غربی وسطی ملیر کورنگی جنوبی سماعت کی تاریخ مقرر کی گئی ہے نوٹس بذریعہ اشتہار جاری کیا جاتا ہے
پی پی مانسہرہ کی تحصیل تنظیمیں تحلیل ۔ انکوائری کا فیصلہ
صوبائی کابینہ کو مراسلہ ارسال ۔ انٹرا پارٹی الیکشن کے حوالے سے انکشاف متوقع
12
عدالت
اوپن لائن
